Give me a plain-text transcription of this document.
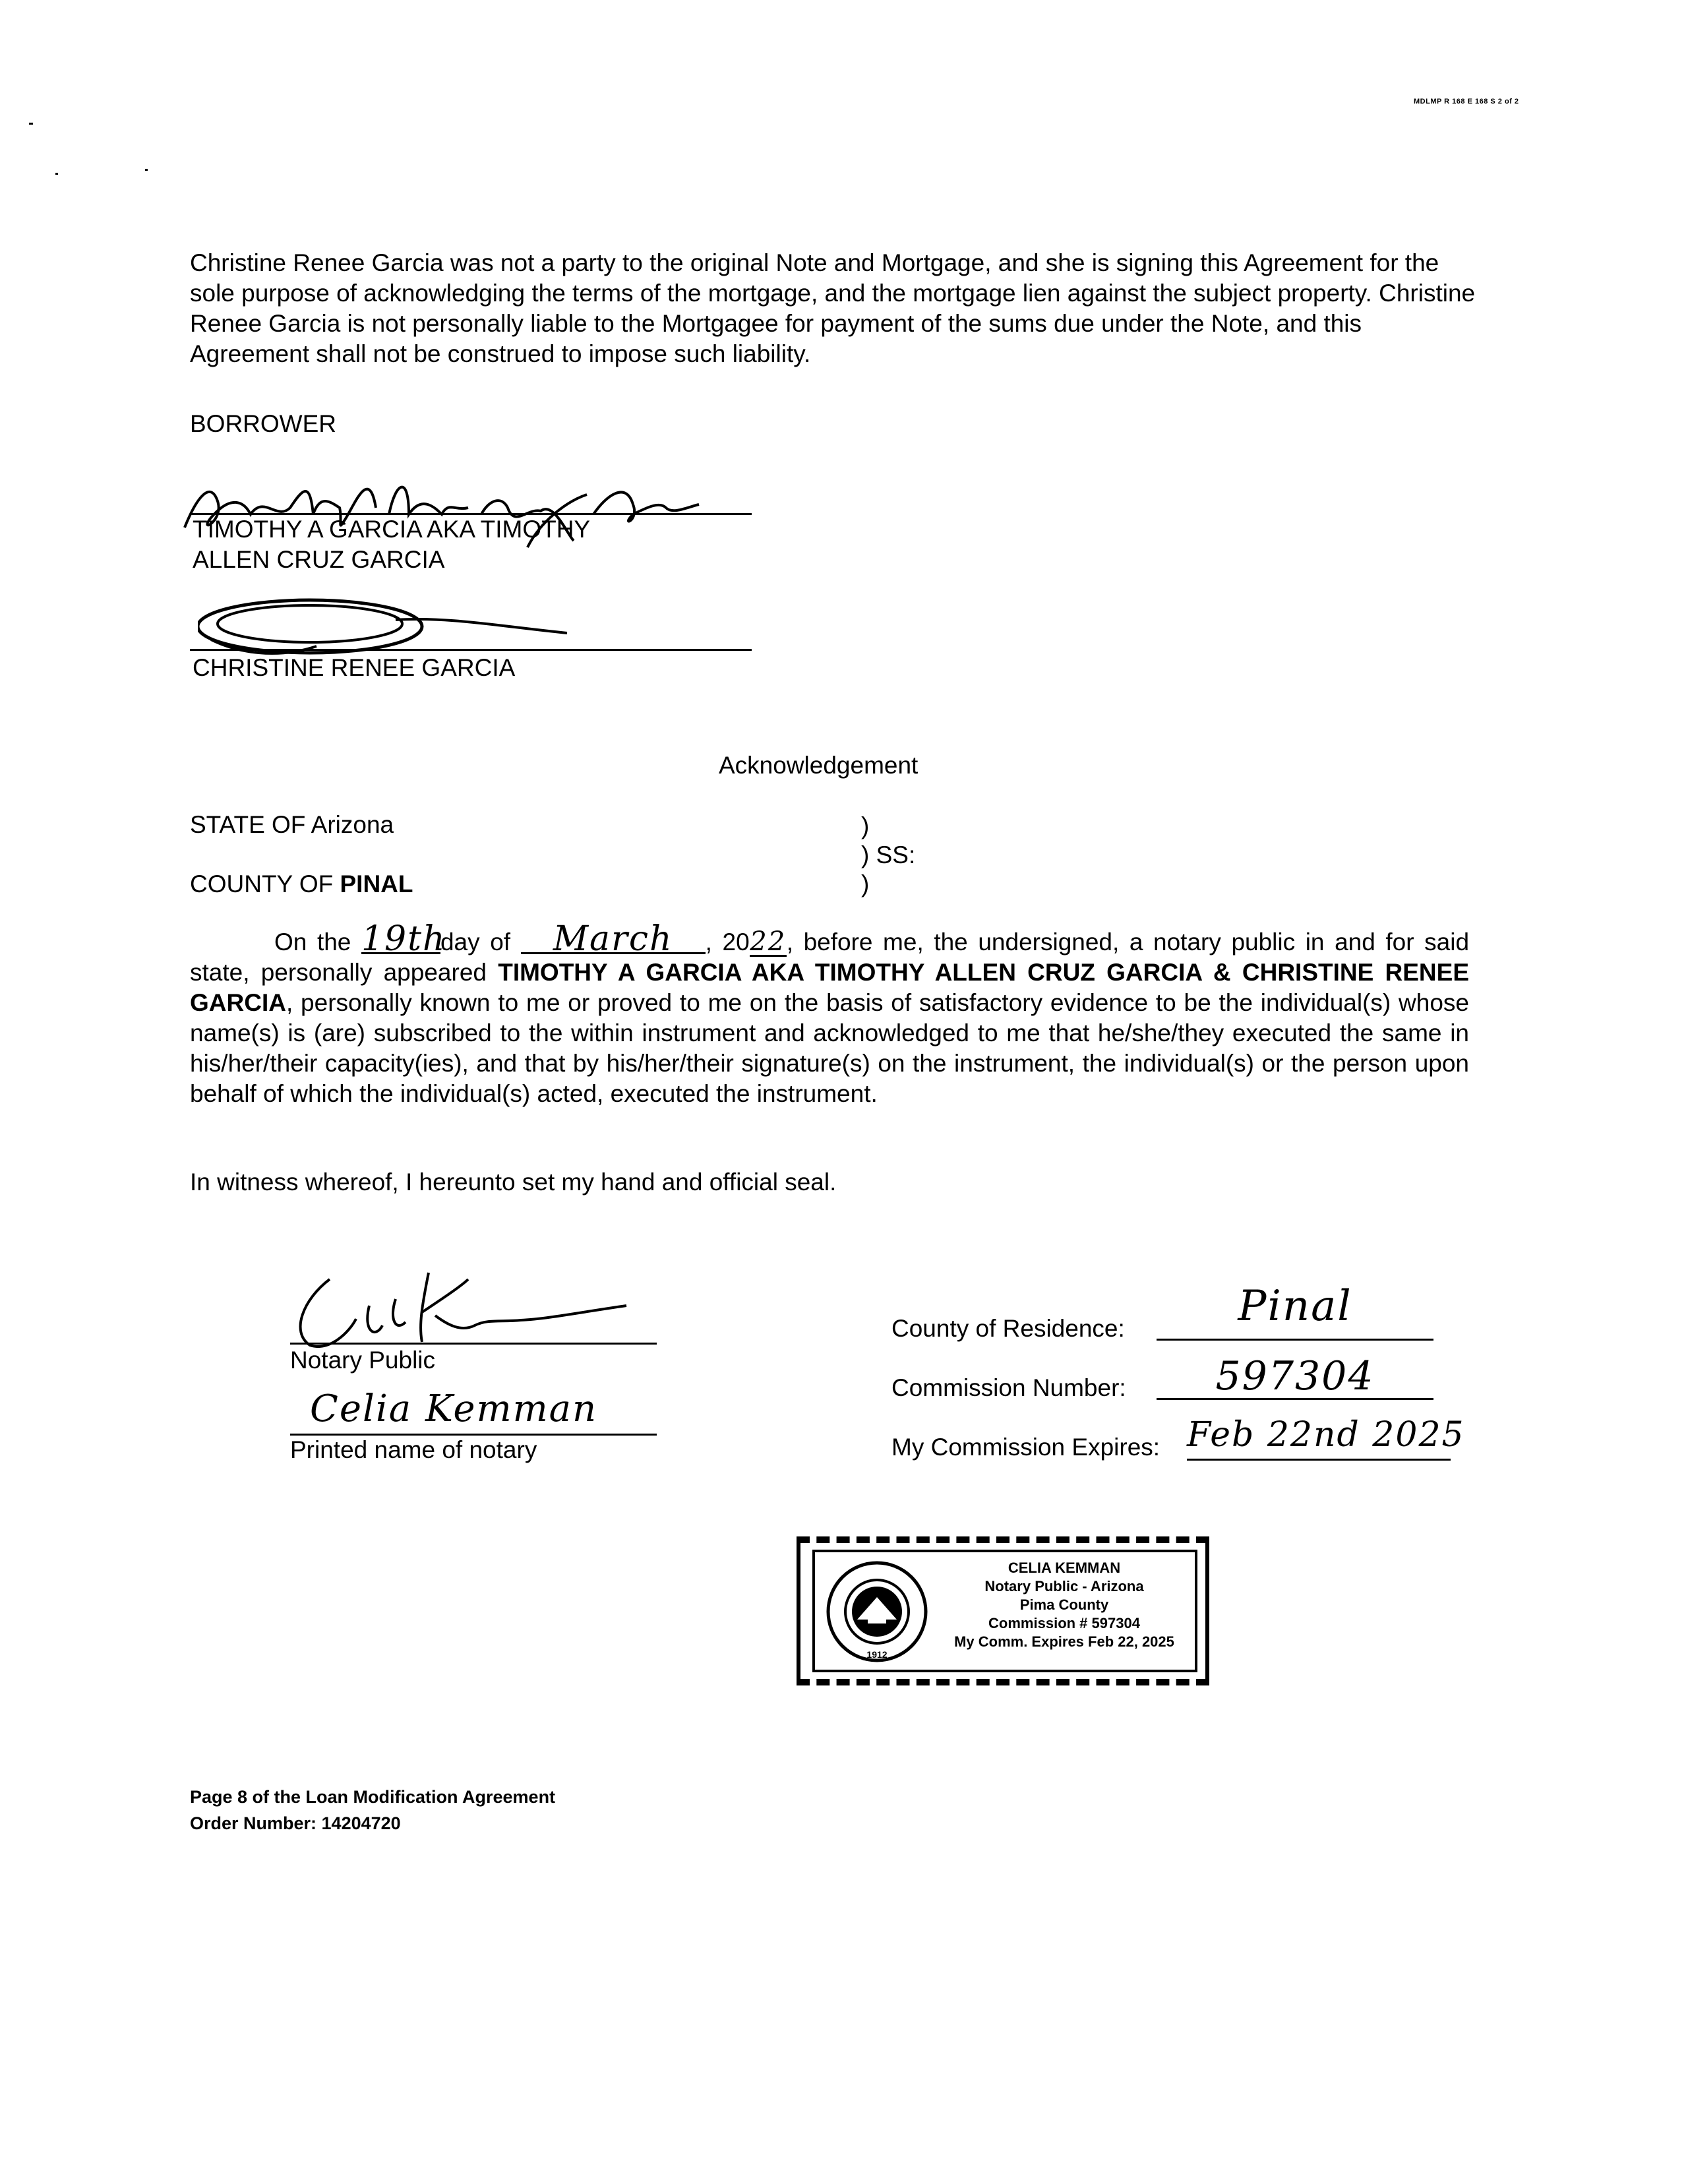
MDLMP R 168 E 168 S 2 of 2
Christine Renee Garcia was not a party to the original Note and Mortgage, and she is signing this Agreement for the sole purpose of acknowledging the terms of the mortgage, and the mortgage lien against the subject property. Christine Renee Garcia is not personally liable to the Mortgagee for payment of the sums due under the Note, and this Agreement shall not be construed to impose such liability.
BORROWER
TIMOTHY A GARCIA AKA TIMOTHY
ALLEN CRUZ GARCIA
CHRISTINE RENEE GARCIA
Acknowledgement
STATE OF Arizona
COUNTY OF PINAL
)
) SS:
)
On the 19thday of March , 2022, before me, the undersigned, a notary public in and for said state, personally appeared TIMOTHY A GARCIA AKA TIMOTHY ALLEN CRUZ GARCIA & CHRISTINE RENEE GARCIA, personally known to me or proved to me on the basis of satisfactory evidence to be the individual(s) whose name(s) is (are) subscribed to the within instrument and acknowledged to me that he/she/they executed the same in his/her/their capacity(ies), and that by his/her/their signature(s) on the instrument, the individual(s) or the person upon behalf of which the individual(s) acted, executed the instrument.
In witness whereof, I hereunto set my hand and official seal.
Notary Public
Celia Kemman
Printed name of notary
County of Residence:	Pinal
Commission Number:	597304
My Commission Expires: Feb 22nd 2025
1912
CELIA KEMMAN
Notary Public - Arizona
Pima County
Commission # 597304
My Comm. Expires Feb 22, 2025
Page 8 of the Loan Modification Agreement
Order Number: 14204720
